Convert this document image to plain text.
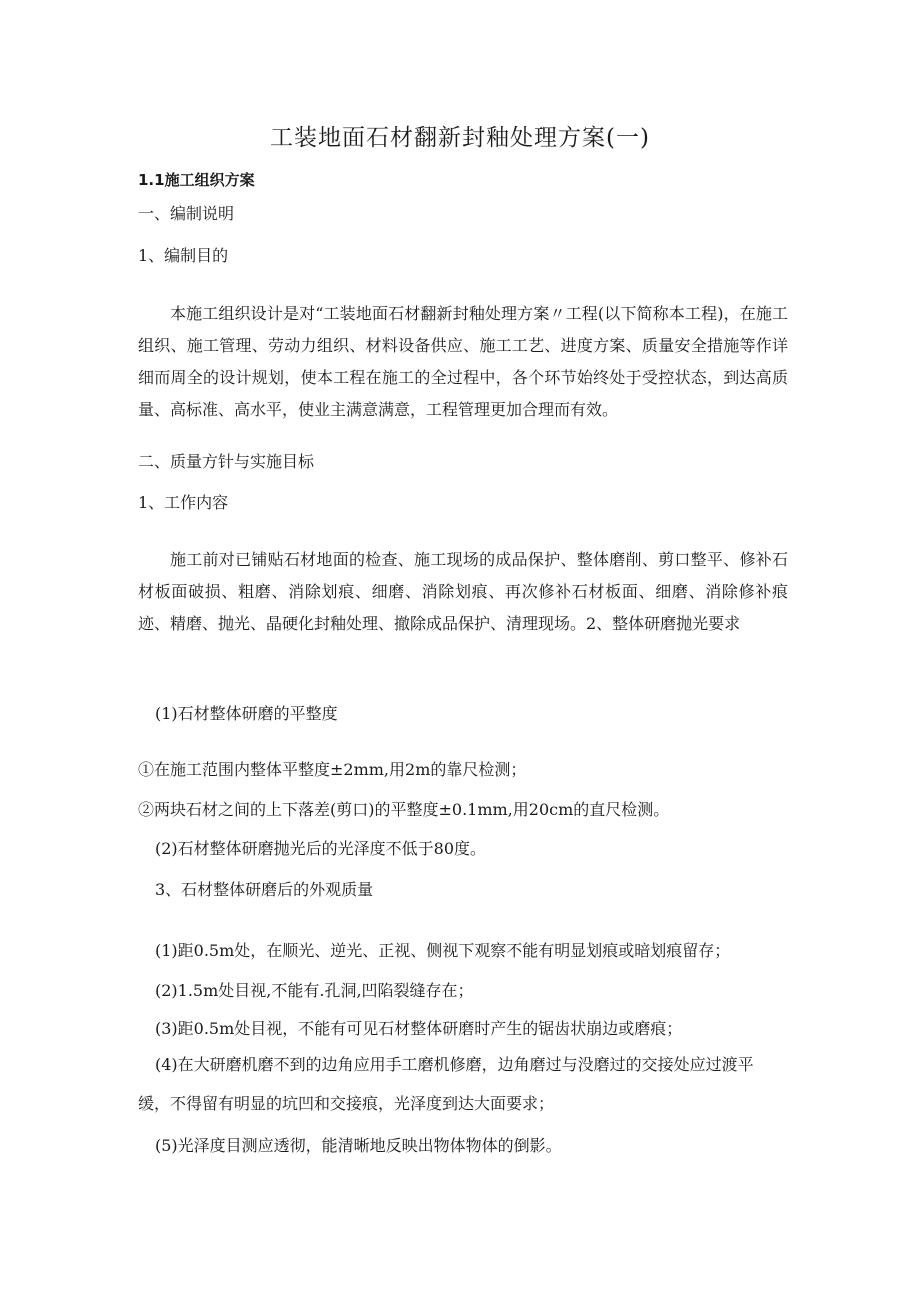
工装地面石材翻新封釉处理方案(一)
1.1施工组织方案
一、编制说明
1、编制目的
本施工组织设计是对“工装地面石材翻新封釉处理方案〃工程(以下简称本工程)，在施工组织、施工管理、劳动力组织、材料设备供应、施工工艺、进度方案、质量安全措施等作详细而周全的设计规划，使本工程在施工的全过程中，各个环节始终处于受控状态，到达高质量、高标准、高水平，使业主满意满意，工程管理更加合理而有效。
二、质量方针与实施目标
1、工作内容
施工前对已铺贴石材地面的检查、施工现场的成品保护、整体磨削、剪口整平、修补石材板面破损、粗磨、消除划痕、细磨、消除划痕、再次修补石材板面、细磨、消除修补痕迹、精磨、抛光、晶硬化封釉处理、撤除成品保护、清理现场。2、整体研磨抛光要求
(1)石材整体研磨的平整度
①在施工范围内整体平整度±2mm,用2m的靠尺检测；
②两块石材之间的上下落差(剪口)的平整度±0.1mm,用20cm的直尺检测。
(2)石材整体研磨抛光后的光泽度不低于80度。
3、石材整体研磨后的外观质量
(1)距0.5m处，在顺光、逆光、正视、侧视下观察不能有明显划痕或暗划痕留存；
(2)1.5m处目视,不能有.孔洞,凹陷裂缝存在；
(3)距0.5m处目视，不能有可见石材整体研磨时产生的锯齿状崩边或磨痕；
(4)在大研磨机磨不到的边角应用手工磨机修磨，边角磨过与没磨过的交接处应过渡平
缓，不得留有明显的坑凹和交接痕，光泽度到达大面要求；
(5)光泽度目测应透彻，能清晰地反映出物体物体的倒影。
